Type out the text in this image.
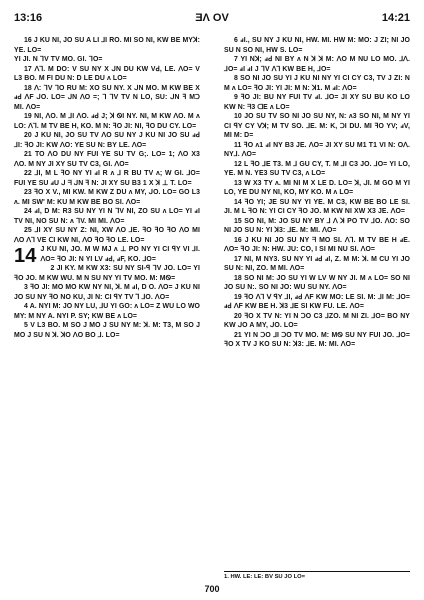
13:16	ƎΛ OV	14:21

16 J KU NI, JO SU A LI ⅃I RO. MI SO NI, KW BE MYꓘ: YE. LO=

YI JI. N ᒣV TV MO. GI. ᒣO=

17 ᐱ⅂. M DO: V SU NY X ᒍN DU KW Vꓒ, LE. ᐱO= V L3 BO. M FI DU N: D LE DU ʌ LO=

18 ᐱ: ᒣV ᒣO RU M: XO SU NY. X ᒍN MO. M KW BE X ⅎꓒ ᐱF ᒍO. LO= ᒍN ᐱO =; ᒣ ᒣV TV N LO, SU: ᒍN ꟻ Mꓛ MI. ᐱO=

19 NI, ᐱO. M ⅃I ᐱO. ⅎꓒ J; ꓘ ᏫI NY. NI, M KW ᐱO. M ʌ LO: ᐱ⅂. M TV BE H, KO. M N: ꟻO JI: NI, ꟻO DU CY. LO=

20 J KU NI, JO SU TV ᐱO SU NY J KU NI JO SU ⅎꓒ ⅃I: ꟻO JI: KW ᐱO: YE SU N: BY LE. ᐱO=

21 TO ᐱO DU NY FUI YE SU TV G;. LO= 1; ᐱO X3 ᐱO. M NY JI XY SU TV C3, GI. ᐱO=

22 ⅃I, M L ꟻO NY YI ⅎI R ʌ ⅃ R BU TV ʌ; W GI. ⅃O= FUI YE SU ⅎU ᒍ ᖷ ᒍN ꟻ N: JI XY SU B3 1 X ꓘ ⊥ T. LO=

23 ꟻO X V., MI KW. M KW Z DU ʌ MY, ᒍO. LO= GO L3 ʌ. MI SW' M: KU M KW BE BO SI. ᐱO=

24 ⅎI, D M: R3 SU NY YI N ᒣV NI, ZO SU ʌ LO= YI ⅎI TV NI, NO SU N: ʌ ᒣV. MI MI. ᐱO=

25 ⅃I XY SU NY Z: NI, XW ᐱO ⅃E. ꟻO ꟻO ꟻO ᐱO MI ᐱO ᐱ⅂ VE ⅭI KW NI, ᐱO ꟻO ꟻO LE. LO=

14 J KU NI, JO. M W MJ ʌ ⊥ PO NY YI CI ꟼY VI ⅃I. ᐱO= ꟻO JI: N YI LV ⅎꓒ, ⅎF, KO. ⅃O=

2 JI KY. M KW X3: SU NY SI-ꟼ ᒣV JO. LO= YI ꟻO JO. M KW WU. M N SU NY YI TV MO. M: MᏫ=

3 ꟻO JI: MO MO KW NY NI, ꓘ. M ⅎI, D O. ᐱO= J KU NI JO SU NY ꟻO NO KU, JI N: CI ꟼY TV Ꞁ ⅃O. ᐱO=

4 A. NYI M: JO NY LU, ⅃U YI GO: ʌ LO= Z WU LO WO MY: M NY A. NYI P. SY; KW BE ʌ LO=

5 V L3 BO. M SO J MO J SU NY M: ꓘ. M: T3, M SO J MO J SU N ꓘ. ꓘO ᐱO BO ⅃. LO=

6 ⅎI., SU NY J KU NI, HW. MI. HW M: MO: J ZI; NI JO SU N SO NI, HW S. LO=

7 YI Nꓘ; ⅎꓒ NI BY ʌ N ꓘ ꓘ M: ᐱO M NU LO MO. ⅃ᐱ. ⅃O= ⅎI ⅎI J ᒣV ᐱ⅂ KW BE H, ⅃O=

8 SO NI JO SU YI J KU NI NY YI CI CY C3, TV J ZI: N M ʌ LO= ꟻO JI: YI JI: M N: ꓘ1. M ⅎI: ᐱO=

9 ꟻO JI: BU NY FUI TV ⅎI. ⅃O= JI XY SU BU KO LO KW N: ᖷ3 ᗡE ʌ LO=

10 JO SU TV SO NI JO SU NY, N: ʌ3 SO NI, M NY YI CI ꟼY CY ᐯꓘ; M TV SO. ⅃E. M: K, ꓛI DU. MI ꟻO YV; ⅎV, MI M: D=

11 ꟻO ʌ1 ⅎI NY B3 JE. ᐱO= JI XY SU M1 T1 VI N: Oᐱ. NY⅃. ᐱO=

12 L ꟻO ⅃E T3. M ⅃ GU CY, T. M ⅃I C3 JO. ⅃O= YI LO, YE. M N. YE3 SU TV C3, ʌ LO=

13 W X3 TY ʌ. MI NI M X LE D. LO= ꓘ, ᒍI. M GO M YI LO, YE DU NY NI, KO, MY KO. M ʌ LO=

14 ꟻO YI; JE SU NY YI YE. M C3, KW BE BO LE SI. JI. M L ꟻO N: YI CI CY ꟻO JO. M KW NI XW X3 JE. ᐱO=

15 SO NI, M: JO SU NY BY ⅃ ᐱ ꓘ PO TV ⅃O. ᐱO: SO NI JO SU N: YI ꓘ3: ⅃E. M: MI. ᐱO=

16 J KU NI JO SU NY ᖷ MO SI. ᐱ⅂. M TV BE H ⅎE. ᐱO= ꟻO JI: N: HW. JU: CO, I SI MI NU SI. ᐱO=

17 NI, M NY3. SU NY YI ⅎꓒ ⅎI, Z. M M: ꓘ. M CU YI JO SU N: NI, ZO. M MI. ᐱO=

18 SO NI M: JO SU YI W LV W NY JI. M ʌ LO= SO NI JO SU N:. SO NI JO: WU SU NY. ᐱO=

19 ꟻO ᐱ⅂ ᐯ ꟼY ⅃I, ⅎꓒ ᐱF KW MO: LE SI. M: ⅃I M: ⅃O= ⅎꓒ ᐱF KW BE H. ꓘ3 ⅃E SI KW FU. LE. ᐱO=

20 ꟻO X TV N: YI N ꓛO C3 ⅃ZO. M NI ZI. ⅃O= BO NY KW ᒍO A MY, ᒍO. LO=

21 YI N ꓛO ⅃I ꓛO TV MO. M: MᏫ SU NY FUI JO. ⅃O= ꟻO X TV J KO SU N: ꓘ3: ⅃E. M: MI. ᐱO=

1. HW. LE: LE: BV SU JO LO=
700
